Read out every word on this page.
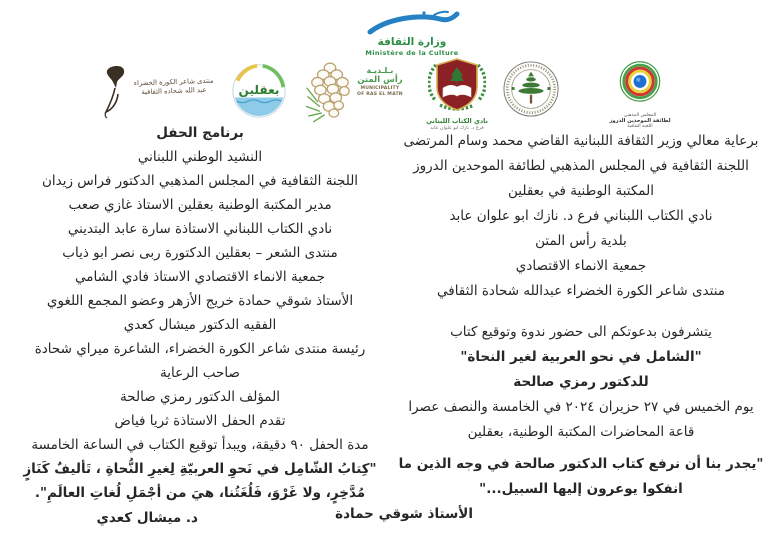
وزارة الثقافة
Ministère de la Culture
منتدى شاعر الكورة الخضراء
عبد الله شحاده الثقافية
	بعقلين
بـلـديـة
رأس المتن
MUNICIPALITY
OF RAS EL MATN
نادي الكتاب اللبناني
فرع د. نازك ابو علوان عابد
المجلس المذهبي
لطائفة الموحدين الدروز
اللجنة الثقافية
برعاية معالي وزير الثقافة اللبنانية القاضي محمد وسام المرتضى
اللجنة الثقافية في المجلس المذهبي لطائفة الموحدين الدروز
المكتبة الوطنية في بعقلين
نادي الكتاب اللبناني فرع د. نازك ابو علوان عابد
بلدية رأس المتن
جمعية الانماء الاقتصادي
منتدى شاعر الكورة الخضراء عبدالله شحادة الثقافي
يتشرفون بدعوتكم الى حضور ندوة وتوقيع كتاب
"الشامل في نحو العربية لغير النحاة"
للدكتور رمزي صالحة
يوم الخميس في ٢٧ حزيران ٢٠٢٤ في الخامسة والنصف عصرا
قاعة المحاضرات المكتبة الوطنية، بعقلين
"يجدر بنا أن نرفع كتاب الدكتور صالحة في وجه الذين ما
انفكوا يوعرون إليها السبيل..."
الأستاذ شوقي حمادة
برنامج الحفل
النشيد الوطني اللبناني
اللجنة الثقافية في المجلس المذهبي الدكتور فراس زيدان
مدير المكتبة الوطنية بعقلين الاستاذ غازي صعب
نادي الكتاب اللبناني الاستاذة سارة عابد البتديني
منتدى الشعر – بعقلين الدكتورة ربى نصر ابو ذياب
جمعية الانماء الاقتصادي الاستاذ فادي الشامي
الأستاذ شوقي حمادة خريج الأزهر وعضو المجمع اللغوي
الفقيه الدكتور ميشال كعدي
رئيسة منتدى شاعر الكورة الخضراء، الشاعرة ميراي شحادة
صاحب الرعاية
المؤلف الدكتور رمزي صالحة
تقدم الحفل الاستاذة ثريا فياض
مدة الحفل ٩٠ دقيقة، ويبدأ توقيع الكتاب في الساعة الخامسة
"كِتابُ الشّامِل في نَحوِ العربيّةِ لِغيرِ النُّحاةِ ، تَأليفٌ كَنَازٍ
مُدَّخِرٍ، ولا غَرْوَ، فَلُغَتُنا، هيَ من أجْمَلِ لُغاتِ العالَمِ".
د. ميشال كعدي
